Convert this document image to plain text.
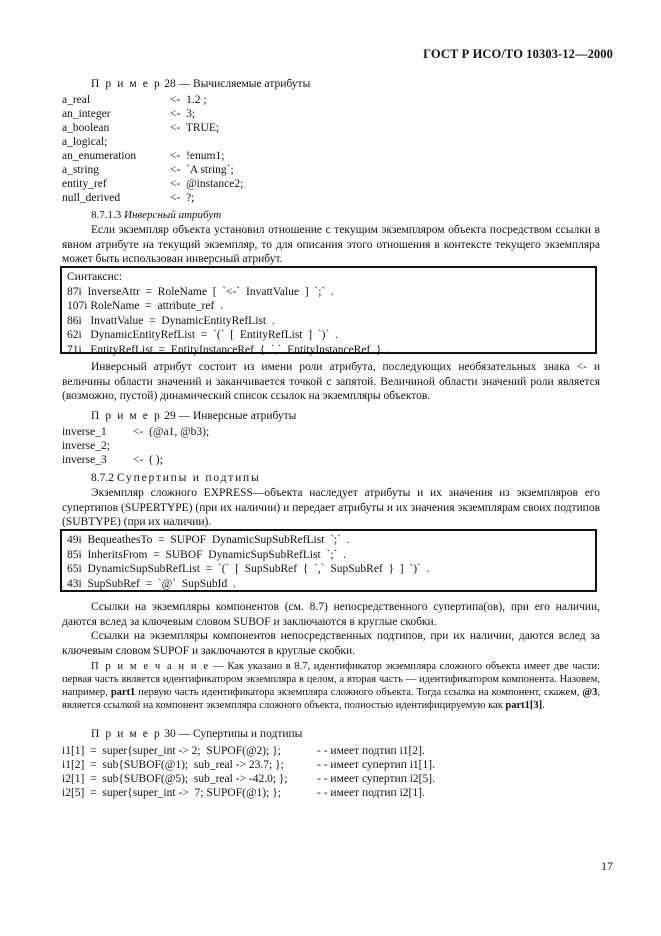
ГОСТ Р ИСО/ТО 10303-12—2000
П р и м е р 28 — Вычисляемые атрибуты
a_real	<-  1.2 ;
an_integer	<-  3;
a_boolean	<-  TRUE;
a_logical;
an_enumeration	<-  !enum1;
a_string	<-  `A string`;
entity_ref	<-  @instance2;
null_derived	<-  ?;
8.7.1.3 Инверсный атрибут
Если экземпляр объекта установил отношение с текущим экземпляром объекта посредством ссылки в явном атрибуте на текущий экземпляр, то для описания этого отношения в контексте текущего экземпляра может быть использован инверсный атрибут.
Синтаксис:
87i  InverseAttr  =  RoleName  [  `<-`  InvattValue  ]  `;`  .
107i RoleName  =  attribute_ref  .
86i   InvattValue  =  DynamicEntityRefList  .
62i   DynamicEntityRefList  =  `(`  [  EntityRefList  ]  `)`  .
71i   EntityRefList  =  EntityInstanceRef  {  `,`  EntityInstanceRef  }  .
Инверсный атрибут состоит из имени роли атрибута, последующих необязательных знака <- и величины области значений и заканчивается точкой с запятой. Величиной области значений роли является (возможно, пустой) динамический список ссылок на экземпляры объектов.
П р и м е р 29 — Инверсные атрибуты
inverse_1 <-  (@a1, @b3);
inverse_2;
inverse_3 <-  ( );
8.7.2 Супертипы и подтипы
Экземпляр сложного EXPRESS—объекта наследует атрибуты и их значения из экземпляров его супертипов (SUPERTYPE) (при их наличии) и передает атрибуты и их значения экземплярам своих подтипов (SUBTYPE) (при их наличии).
49i  BequeathesTo  =  SUPOF  DynamicSupSubRefList  `;`  .
85i  InheritsFrom  =  SUBOF  DynamicSupSubRefList  `;`  .
65i  DynamicSupSubRefList  =  `(`  [  SupSubRef  {  `,`  SupSubRef  }  ]  `)`  .
43i  SupSubRef  =  `@`  SupSubId  .
Ссылки на экземпляры компонентов (см. 8.7) непосредственного супертипа(ов), при его наличии, даются вслед за ключевым словом SUBOF и заключаются в круглые скобки.
Ссылки на экземпляры компонентов непосредственных подтипов, при их наличии, даются вслед за ключевым словом SUPOF и заключаются в круглые скобки.
П р и м е ч а н и е — Как указано в 8.7, идентификатор экземпляра сложного объекта имеет две части: первая часть является идентификатором экземпляра в целом, а вторая часть — идентификатором компонента. Назовем, например, part1 первую часть идентификатора экземпляра сложного объекта. Тогда ссылка на компонент, скажем, @3, является ссылкой на компонент экземпляра сложного объекта, полностью идентифицируемую как part1[3].
П р и м е р 30 — Супертипы и подтипы
i1[1]  =  super{super_int -> 2;  SUPOF(@2); };	- - имеет подтип i1[2].
i1[2]  =  sub{SUBOF(@1);  sub_real -> 23.7; };	- - имеет супертип i1[1].
i2[1]  =  sub{SUBOF(@5);  sub_real -> -42.0; };	- - имеет супертип i2[5].
i2[5]  =  super{super_int ->  7; SUPOF(@1); };	- - имеет подтип i2[1].
17
